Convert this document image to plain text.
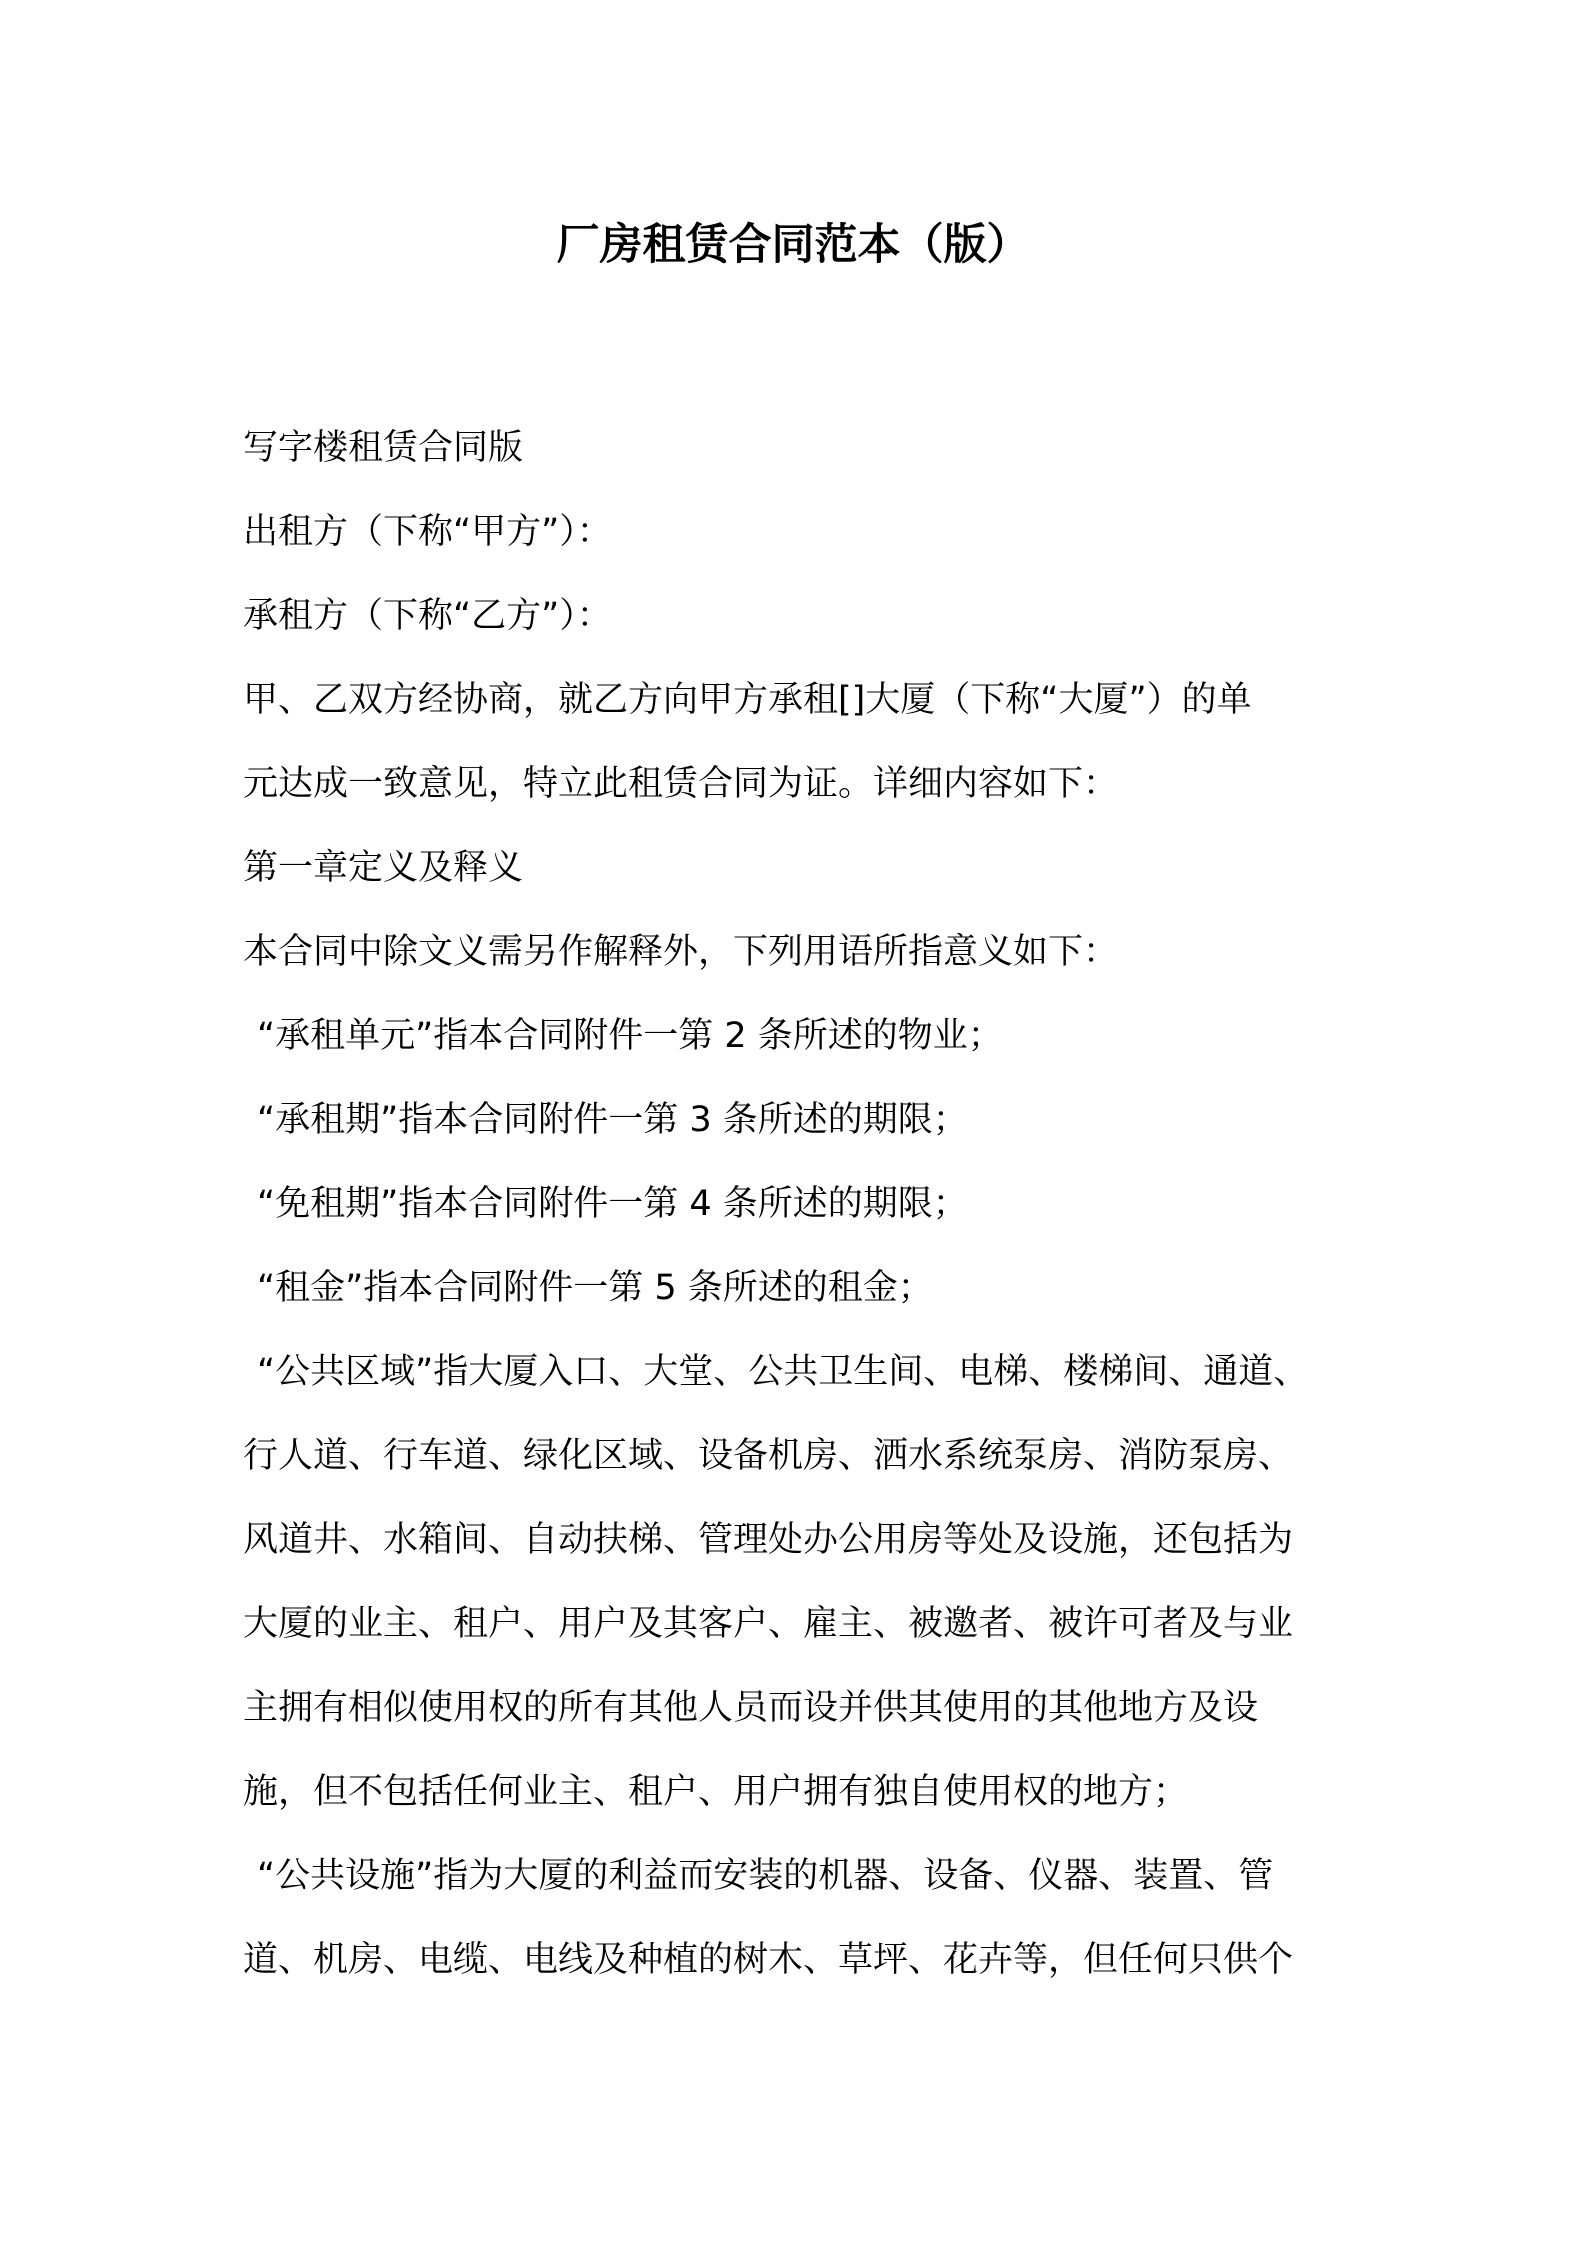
厂房租赁合同范本（版）

写字楼租赁合同版

出租方（下称“甲方”）：

承租方（下称“乙方”）：

甲、乙双方经协商，就乙方向甲方承租[]大厦（下称“大厦”）的单

元达成一致意见，特立此租赁合同为证。详细内容如下：

第一章定义及释义

本合同中除文义需另作解释外，下列用语所指意义如下：

“承租单元”指本合同附件一第 2 条所述的物业；

“承租期”指本合同附件一第 3 条所述的期限；

“免租期”指本合同附件一第 4 条所述的期限；

“租金”指本合同附件一第 5 条所述的租金；

“公共区域”指大厦入口、大堂、公共卫生间、电梯、楼梯间、通道、

行人道、行车道、绿化区域、设备机房、洒水系统泵房、消防泵房、

风道井、水箱间、自动扶梯、管理处办公用房等处及设施，还包括为

大厦的业主、租户、用户及其客户、雇主、被邀者、被许可者及与业

主拥有相似使用权的所有其他人员而设并供其使用的其他地方及设

施，但不包括任何业主、租户、用户拥有独自使用权的地方；

“公共设施”指为大厦的利益而安装的机器、设备、仪器、装置、管

道、机房、电缆、电线及种植的树木、草坪、花卉等，但任何只供个
